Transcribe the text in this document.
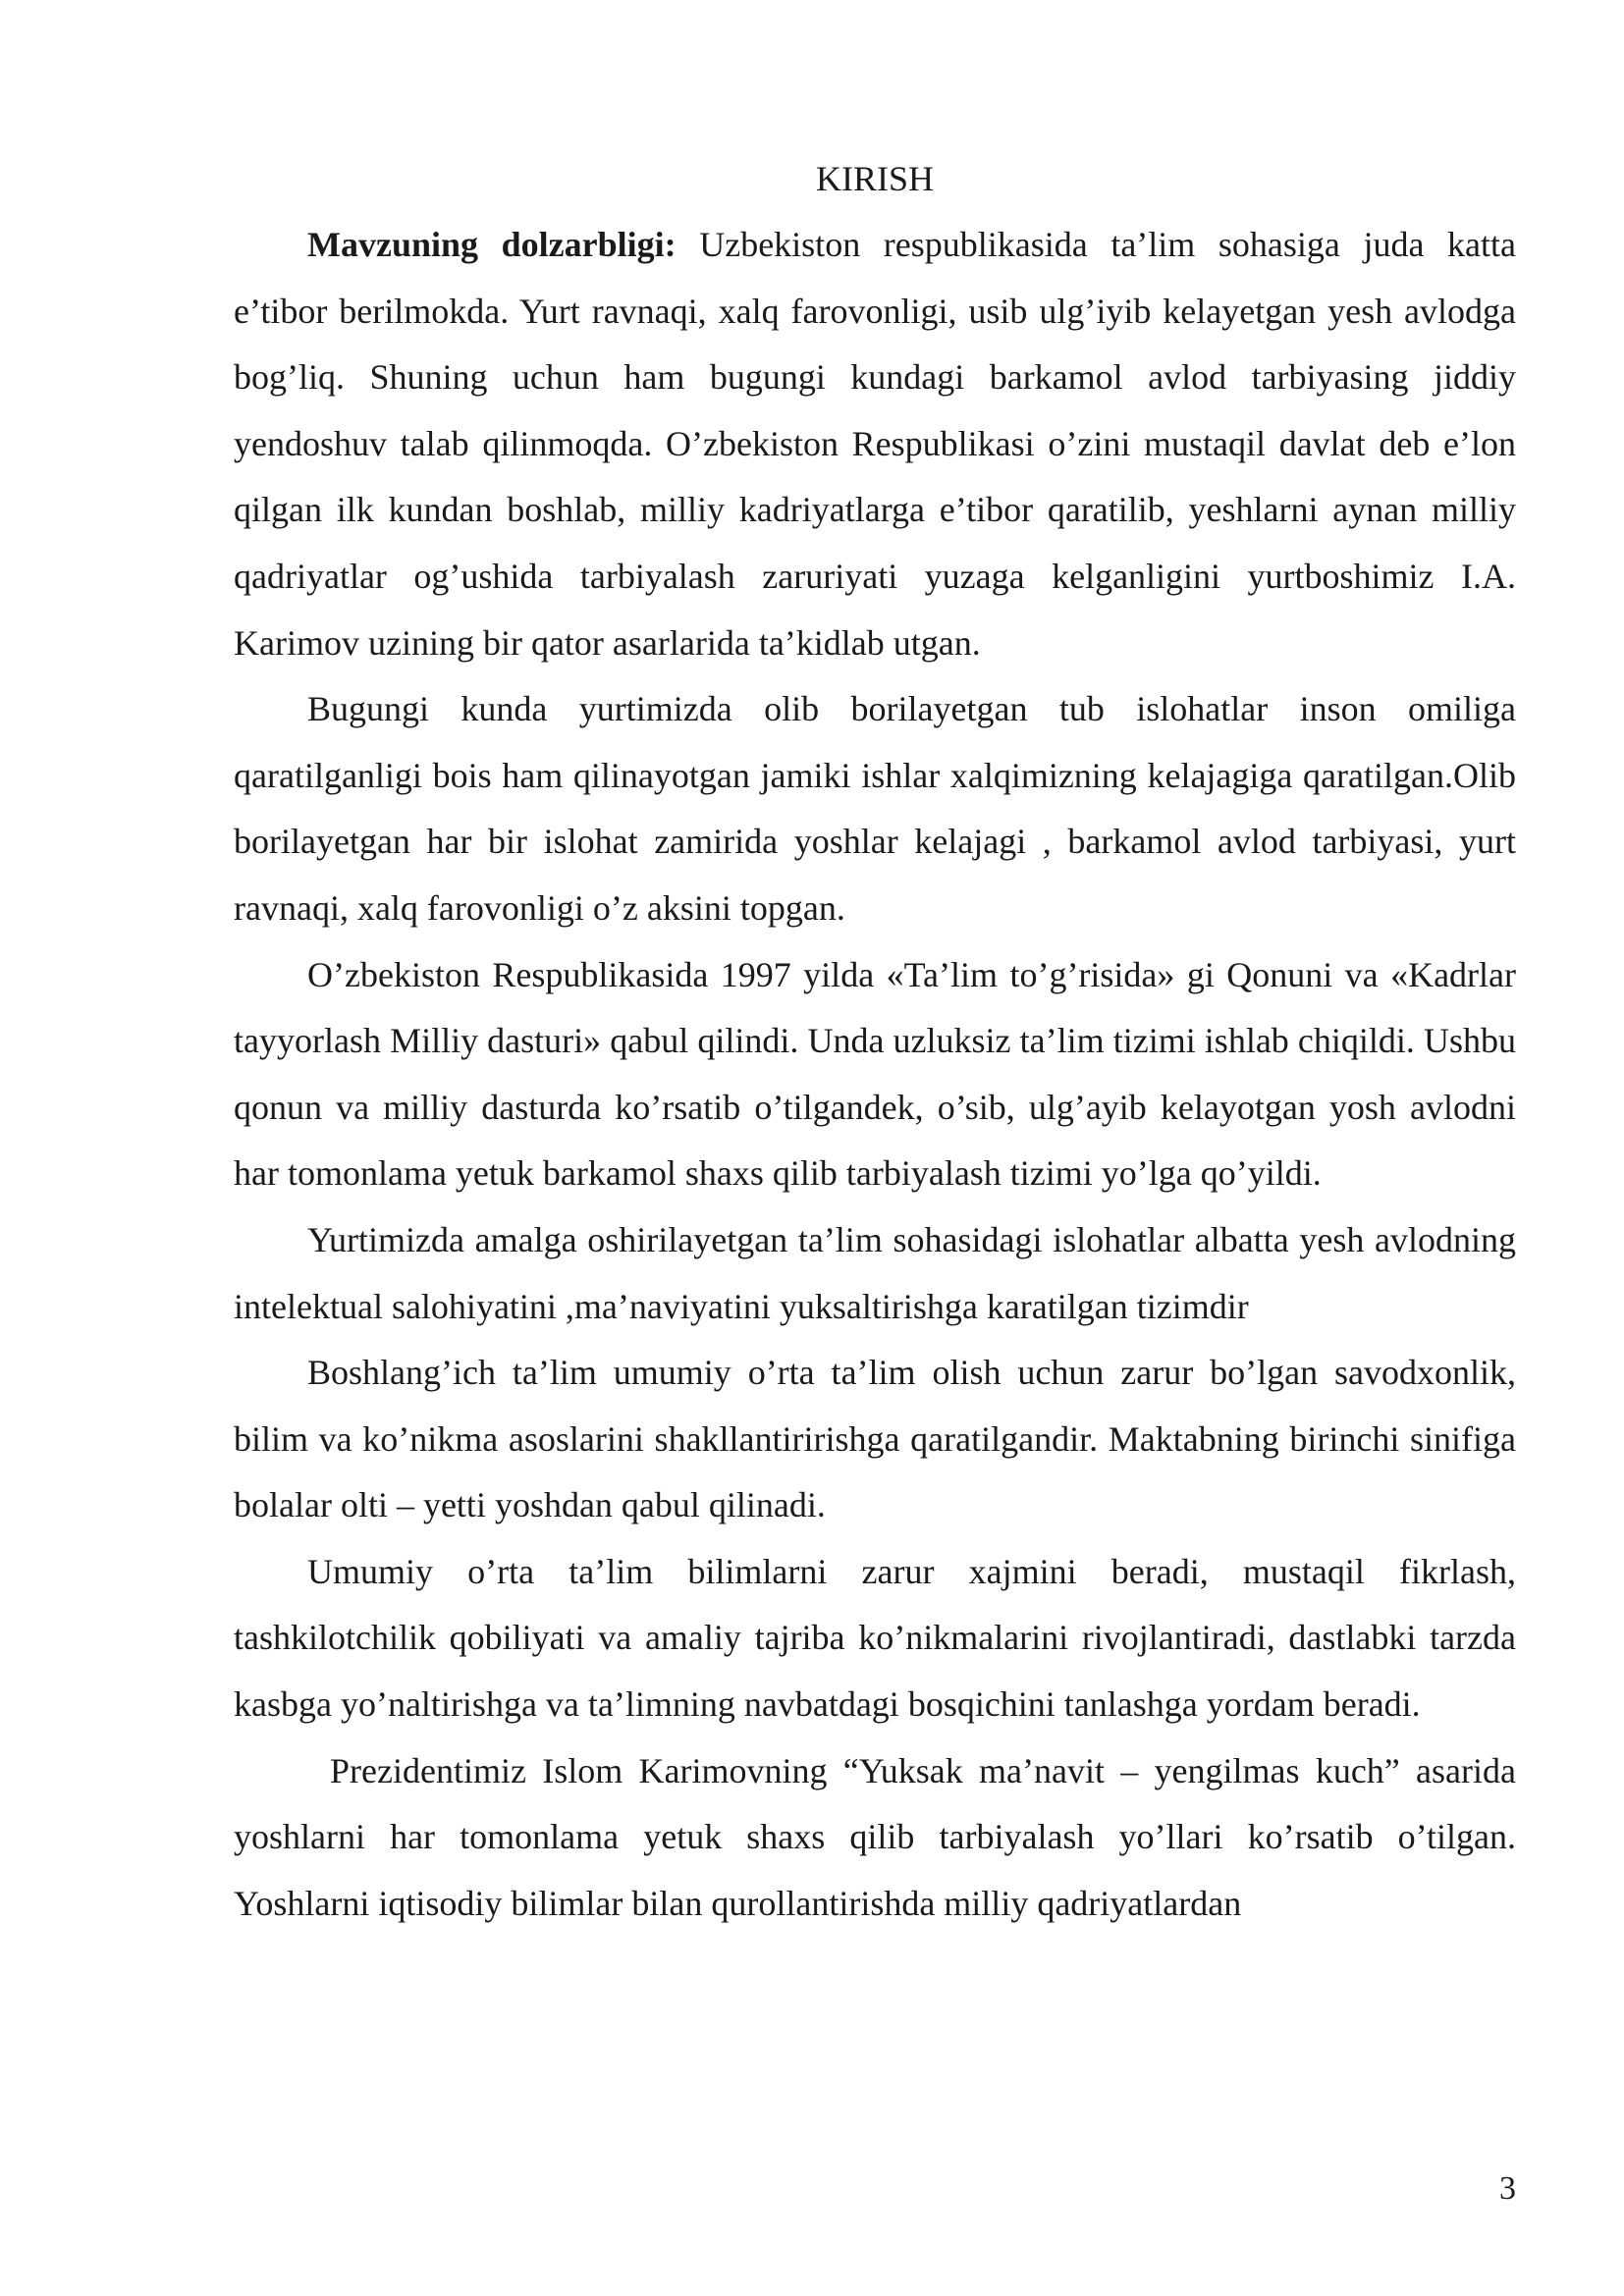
KIRISH

Mavzuning dolzarbligi: Uzbekiston respublikasida ta’lim sohasiga juda katta e’tibor berilmokda. Yurt ravnaqi, xalq farovonligi, usib ulg’iyib kelayetgan yesh avlodga bog’liq. Shuning uchun ham bugungi kundagi barkamol avlod tarbiyasing jiddiy yendoshuv talab qilinmoqda. O’zbekiston Respublikasi o’zini mustaqil davlat deb e’lon qilgan ilk kundan boshlab, milliy kadriyatlarga e’tibor qaratilib, yeshlarni aynan milliy qadriyatlar og’ushida tarbiyalash zaruriyati yuzaga kelganligini yurtboshimiz I.A. Karimov uzining bir qator asarlarida ta’kidlab utgan.

Bugungi kunda yurtimizda olib borilayetgan tub islohatlar inson omiliga qaratilganligi bois ham qilinayotgan jamiki ishlar xalqimizning kelajagiga qaratilgan.Olib borilayetgan har bir islohat zamirida yoshlar kelajagi , barkamol avlod tarbiyasi, yurt ravnaqi, xalq farovonligi o’z aksini topgan.

O’zbekiston Respublikasida 1997 yilda «Ta’lim to’g’risida» gi Qonuni va «Kadrlar tayyorlash Milliy dasturi» qabul qilindi. Unda uzluksiz ta’lim tizimi ishlab chiqildi. Ushbu qonun va milliy dasturda ko’rsatib o’tilgandek, o’sib, ulg’ayib kelayotgan yosh avlodni har tomonlama yetuk barkamol shaxs qilib tarbiyalash tizimi yo’lga qo’yildi.

Yurtimizda amalga oshirilayetgan ta’lim sohasidagi islohatlar albatta yesh avlodning intelektual salohiyatini ,ma’naviyatini yuksaltirishga karatilgan tizimdir

Boshlang’ich ta’lim umumiy o’rta ta’lim olish uchun zarur bo’lgan savodxonlik, bilim va ko’nikma asoslarini shakllantiririshga qaratilgandir. Maktabning birinchi sinifiga bolalar olti – yetti yoshdan qabul qilinadi.

Umumiy o’rta ta’lim bilimlarni zarur xajmini beradi, mustaqil fikrlash, tashkilotchilik qobiliyati va amaliy tajriba ko’nikmalarini rivojlantiradi, dastlabki tarzda kasbga yo’naltirishga va ta’limning navbatdagi bosqichini tanlashga yordam beradi.

Prezidentimiz Islom Karimovning “Yuksak ma’navit – yengilmas kuch” asarida yoshlarni har tomonlama yetuk shaxs qilib tarbiyalash yo’llari ko’rsatib o’tilgan. Yoshlarni iqtisodiy bilimlar bilan qurollantirishda milliy qadriyatlardan

3
